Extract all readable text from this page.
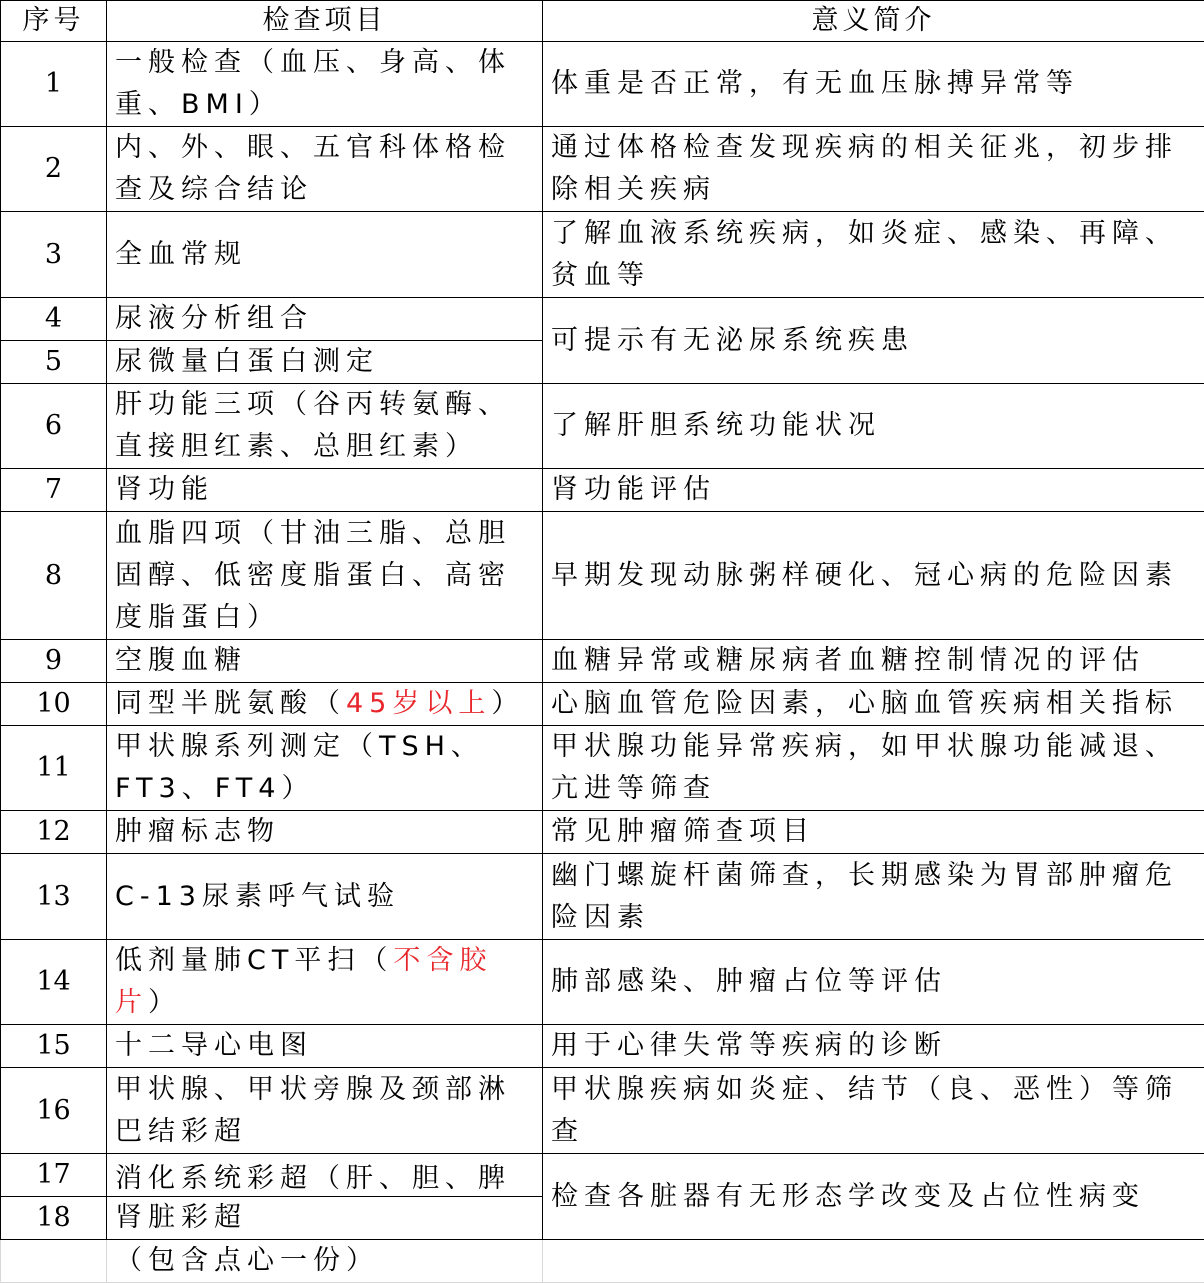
序号	检查项目	意义简介
1	一般检查（血压、身高、体重、BMI）	体重是否正常，有无血压脉搏异常等
2	内、外、眼、五官科体格检查及综合结论	通过体格检查发现疾病的相关征兆，初步排除相关疾病
3	全血常规	了解血液系统疾病，如炎症、感染、再障、贫血等
4	尿液分析组合	可提示有无泌尿系统疾患
5	尿微量白蛋白测定	
6	肝功能三项（谷丙转氨酶、直接胆红素、总胆红素）	了解肝胆系统功能状况
7	肾功能	肾功能评估
8	血脂四项（甘油三脂、总胆固醇、低密度脂蛋白、高密度脂蛋白）	早期发现动脉粥样硬化、冠心病的危险因素
9	空腹血糖	血糖异常或糖尿病者血糖控制情况的评估
10	同型半胱氨酸（45岁以上）	心脑血管危险因素，心脑血管疾病相关指标
11	甲状腺系列测定（TSH、FT3、FT4）	甲状腺功能异常疾病，如甲状腺功能减退、亢进等筛查
12	肿瘤标志物	常见肿瘤筛查项目
13	C-13尿素呼气试验	幽门螺旋杆菌筛查，长期感染为胃部肿瘤危险因素
14	低剂量肺CT平扫（不含胶片）	肺部感染、肿瘤占位等评估
15	十二导心电图	用于心律失常等疾病的诊断
16	甲状腺、甲状旁腺及颈部淋巴结彩超	甲状腺疾病如炎症、结节（良、恶性）等筛查
17	消化系统彩超（肝、胆、脾	检查各脏器有无形态学改变及占位性病变
18	肾脏彩超	
	（包含点心一份）	
